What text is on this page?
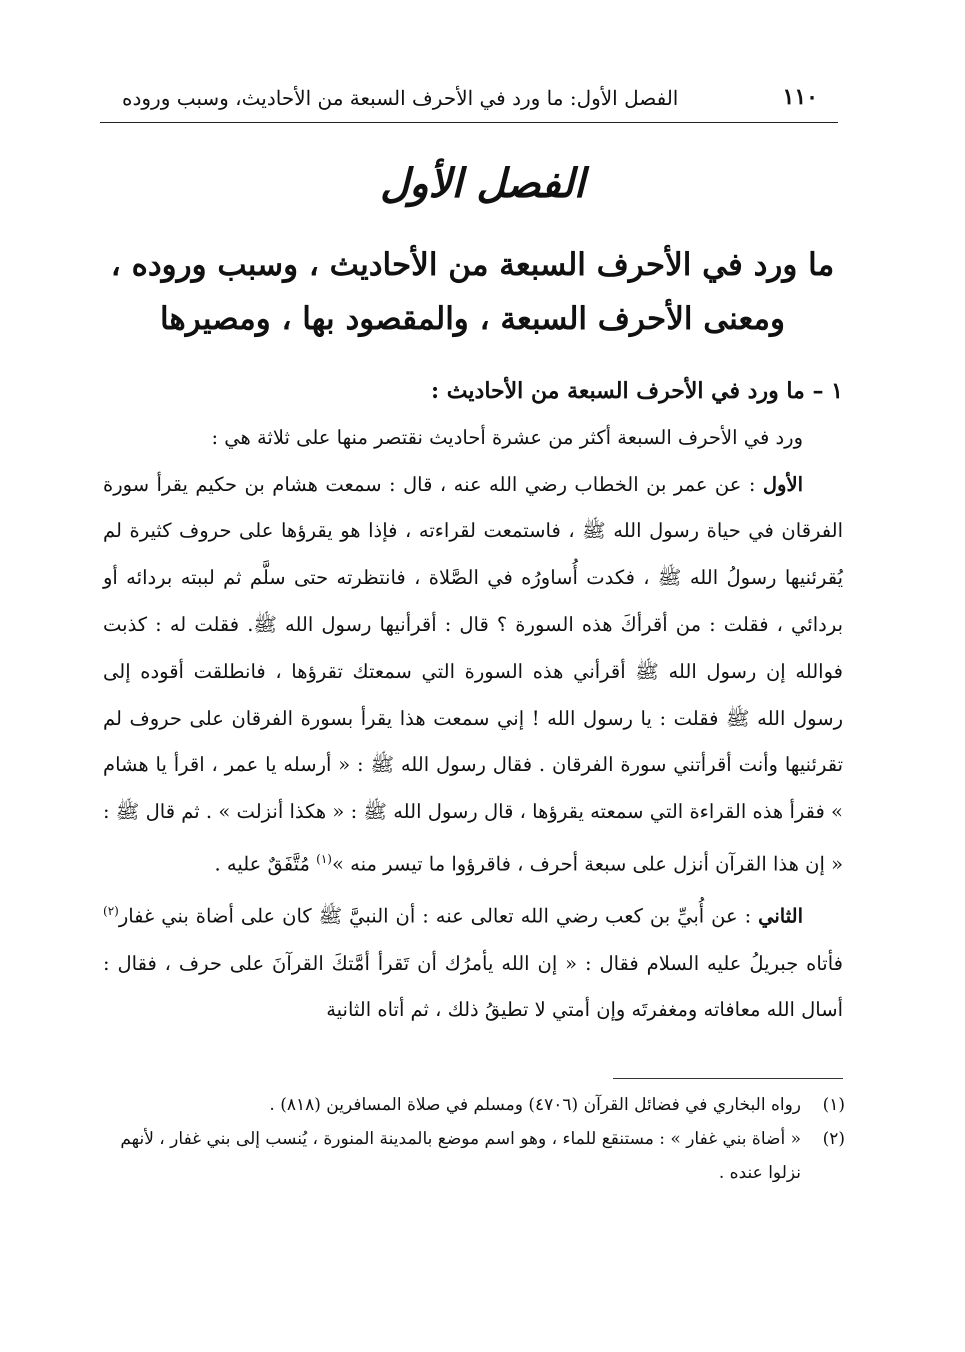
١١٠
الفصل الأول: ما ورد في الأحرف السبعة من الأحاديث، وسبب وروده
الفصل الأول
ما ورد في الأحرف السبعة من الأحاديث ، وسبب وروده ،
ومعنى الأحرف السبعة ، والمقصود بها ، ومصيرها

١ – ما ورد في الأحرف السبعة من الأحاديث :

ورد في الأحرف السبعة أكثر من عشرة أحاديث نقتصر منها على ثلاثة هي :

الأول : عن عمر بن الخطاب رضي الله عنه ، قال : سمعت هشام بن حكيم يقرأ سورة الفرقان في حياة رسول الله ﷺ ، فاستمعت لقراءته ، فإذا هو يقرؤها على حروف كثيرة لم يُقرئنيها رسولُ الله ﷺ ، فكدت أُساورُه في الصَّلاة ، فانتظرته حتى سلَّم ثم لببته بردائه أو بردائي ، فقلت : من أقرأكَ هذه السورة ؟ قال : أقرأنيها رسول الله ﷺ. فقلت له : كذبت فوالله إن رسول الله ﷺ أقرأني هذه السورة التي سمعتك تقرؤها ، فانطلقت أقوده إلى رسول الله ﷺ فقلت : يا رسول الله ! إني سمعت هذا يقرأ بسورة الفرقان على حروف لم تقرئنيها وأنت أقرأتني سورة الفرقان . فقال رسول الله ﷺ : « أرسله يا عمر ، اقرأ يا هشام » فقرأ هذه القراءة التي سمعته يقرؤها ، قال رسول الله ﷺ : « هكذا أنزلت » . ثم قال ﷺ : « إن هذا القرآن أنزل على سبعة أحرف ، فاقرؤوا ما تيسر منه »$^{(١)}$ مُتَّفَقٌ عليه .

الثاني : عن أُبيِّ بن كعب رضي الله تعالى عنه : أن النبيَّ ﷺ كان على أضاة بني غفار$^{(٢)}$ فأتاه جبريلُ عليه السلام فقال : « إن الله يأمرُك أن تَقرأ أمَّتكَ القرآنَ على حرف ، فقال : أسال الله معافاته ومغفرتَه وإن أمتي لا تطيقُ ذلك ، ثم أتاه الثانية

(١)
رواه البخاري في فضائل القرآن (٤٧٠٦) ومسلم في صلاة المسافرين (٨١٨) .

(٢)
« أضاة بني غفار » : مستنقع للماء ، وهو اسم موضع بالمدينة المنورة ، يُنسب إلى بني غفار ، لأنهم نزلوا عنده .
